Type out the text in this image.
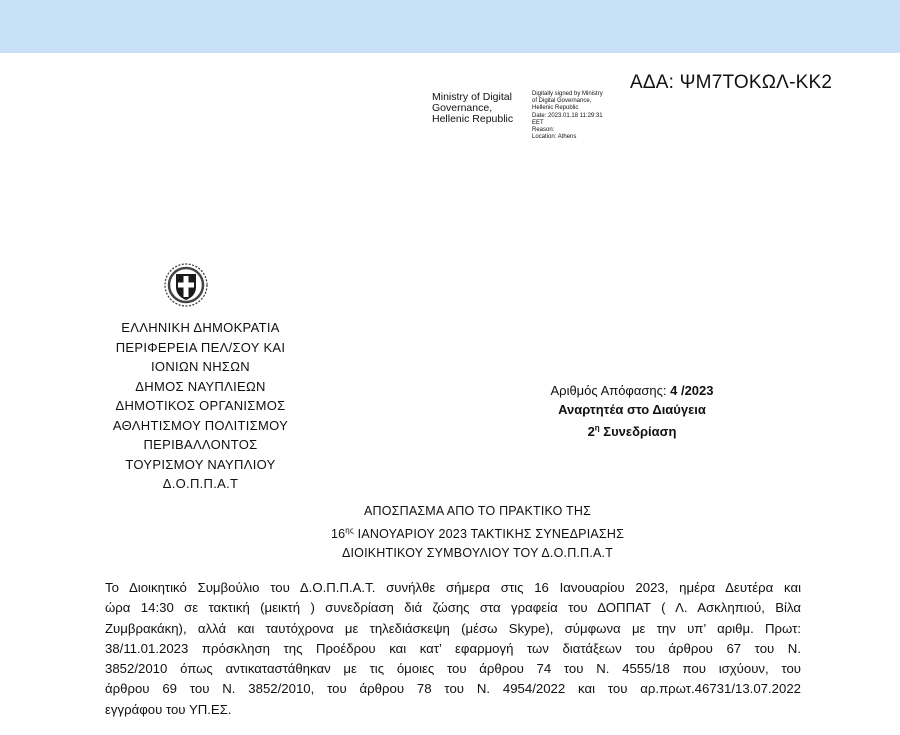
ΑΔΑ: ΨΜ7ΤΟΚΩΛ-ΚΚ2
Ministry of Digital
Governance,
Hellenic Republic
Digitally signed by Ministry
of Digital Governance,
Hellenic Republic
Date: 2023.01.18 11:29:31
EET
Reason:
Location: Athens
ΕΛΛΗΝΙΚΗ ΔΗΜΟΚΡΑΤΙΑ
ΠΕΡΙΦΕΡΕΙΑ ΠΕΛ/ΣΟΥ ΚΑΙ
ΙΟΝΙΩΝ ΝΗΣΩΝ
ΔΗΜΟΣ ΝΑΥΠΛΙΕΩΝ
ΔΗΜΟΤΙΚΟΣ ΟΡΓΑΝΙΣΜΟΣ
ΑΘΛΗΤΙΣΜΟΥ ΠΟΛΙΤΙΣΜΟΥ
ΠΕΡΙΒΑΛΛΟΝΤΟΣ
ΤΟΥΡΙΣΜΟΥ ΝΑΥΠΛΙΟΥ
Δ.Ο.Π.Π.Α.Τ
Αριθμός Απόφασης: 4 /2023
Αναρτητέα στο Διαύγεια
$2^\eta$ Συνεδρίαση
ΑΠΟΣΠΑΣΜΑ ΑΠΟ ΤΟ ΠΡΑΚΤΙΚΟ ΤΗΣ
$16^{\eta\varsigma}$ ΙΑΝΟΥΑΡΙΟΥ 2023 ΤΑΚΤΙΚΗΣ ΣΥΝΕΔΡΙΑΣΗΣ
ΔΙΟΙΚΗΤΙΚΟΥ ΣΥΜΒΟΥΛΙΟΥ ΤΟΥ Δ.Ο.Π.Π.Α.Τ
Το Διοικητικό Συμβούλιο του Δ.Ο.Π.Π.Α.Τ. συνήλθε σήμερα στις 16 Ιανουαρίου 2023, ημέρα Δευτέρα και
ώρα 14:30 σε τακτική (μεικτή ) συνεδρίαση διά ζώσης στα γραφεία του ΔΟΠΠΑΤ ( Λ. Ασκληπιού, Βίλα
Ζυμβρακάκη), αλλά και ταυτόχρονα με τηλεδιάσκεψη (μέσω Skype), σύμφωνα με την υπ’ αριθμ. Πρωτ:
38/11.01.2023 πρόσκληση της Προέδρου και κατ’ εφαρμογή των διατάξεων του άρθρου 67 του Ν.
3852/2010 όπως αντικαταστάθηκαν με τις όμοιες του άρθρου 74 του Ν. 4555/18 που ισχύουν, του
άρθρου 69 του Ν. 3852/2010, του άρθρου 78 του Ν. 4954/2022 και του αρ.πρωτ.46731/13.07.2022
εγγράφου του ΥΠ.ΕΣ.
